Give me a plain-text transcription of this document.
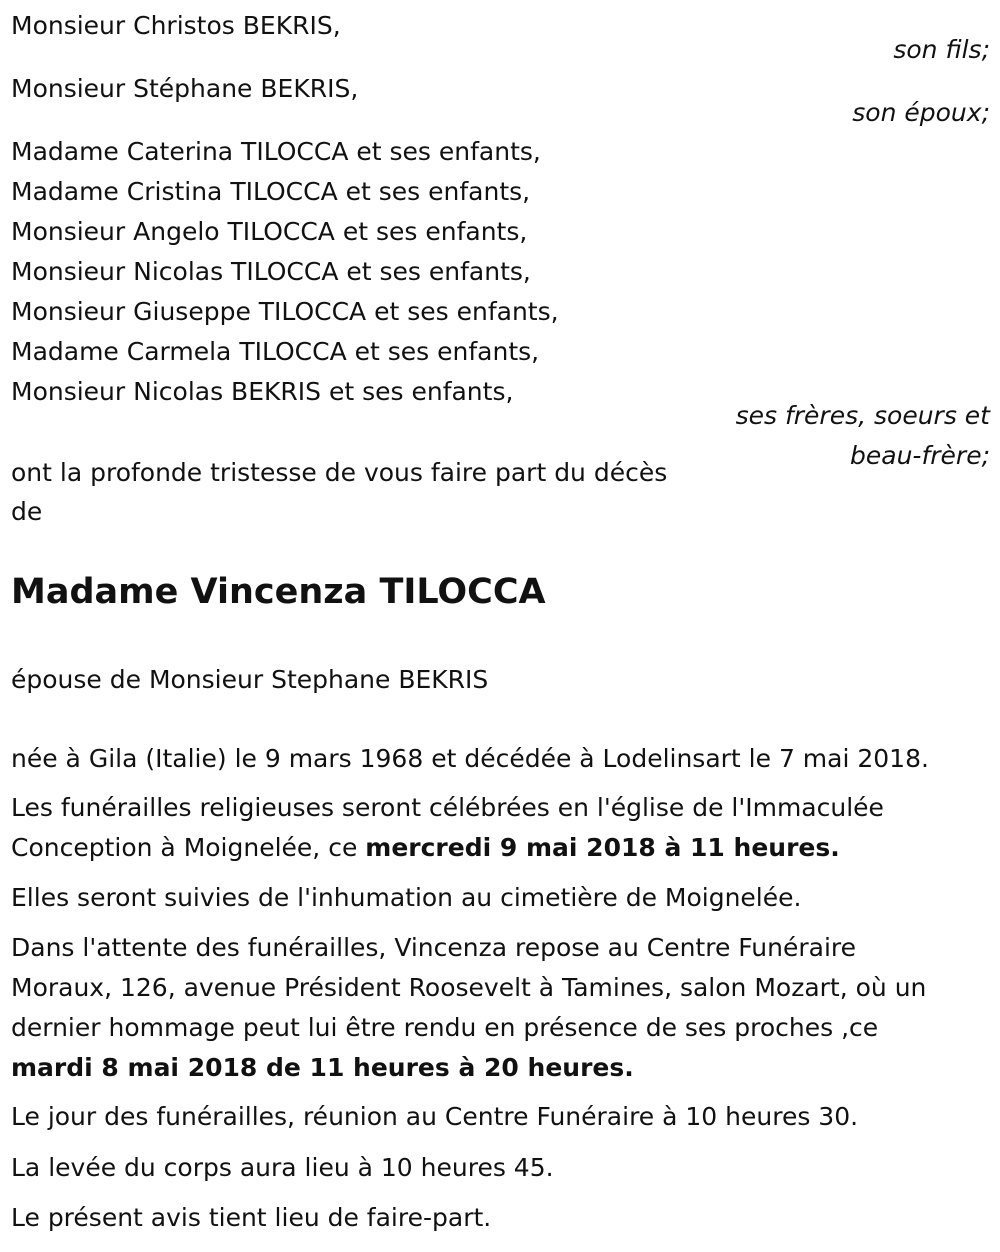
Monsieur Christos BEKRIS,
son fils;
Monsieur Stéphane BEKRIS,
son époux;
Madame Caterina TILOCCA et ses enfants,
Madame Cristina TILOCCA et ses enfants,
Monsieur Angelo TILOCCA et ses enfants,
Monsieur Nicolas TILOCCA et ses enfants,
Monsieur Giuseppe TILOCCA et ses enfants,
Madame Carmela TILOCCA et ses enfants,
Monsieur Nicolas BEKRIS et ses enfants,
ses frères, soeurs et
beau-frère;
ont la profonde tristesse de vous faire part du décès
de
Madame Vincenza TILOCCA
épouse de Monsieur Stephane BEKRIS
née à Gila (Italie) le 9 mars 1968 et décédée à Lodelinsart le 7 mai 2018.
Les funérailles religieuses seront célébrées en l'église de l'Immaculée
Conception à Moignelée, ce mercredi 9 mai 2018 à 11 heures.
Elles seront suivies de l'inhumation au cimetière de Moignelée.
Dans l'attente des funérailles, Vincenza repose au Centre Funéraire
Moraux, 126, avenue Président Roosevelt à Tamines, salon Mozart, où un
dernier hommage peut lui être rendu en présence de ses proches ,ce
mardi 8 mai 2018 de 11 heures à 20 heures.
Le jour des funérailles, réunion au Centre Funéraire à 10 heures 30.
La levée du corps aura lieu à 10 heures 45.
Le présent avis tient lieu de faire-part.
